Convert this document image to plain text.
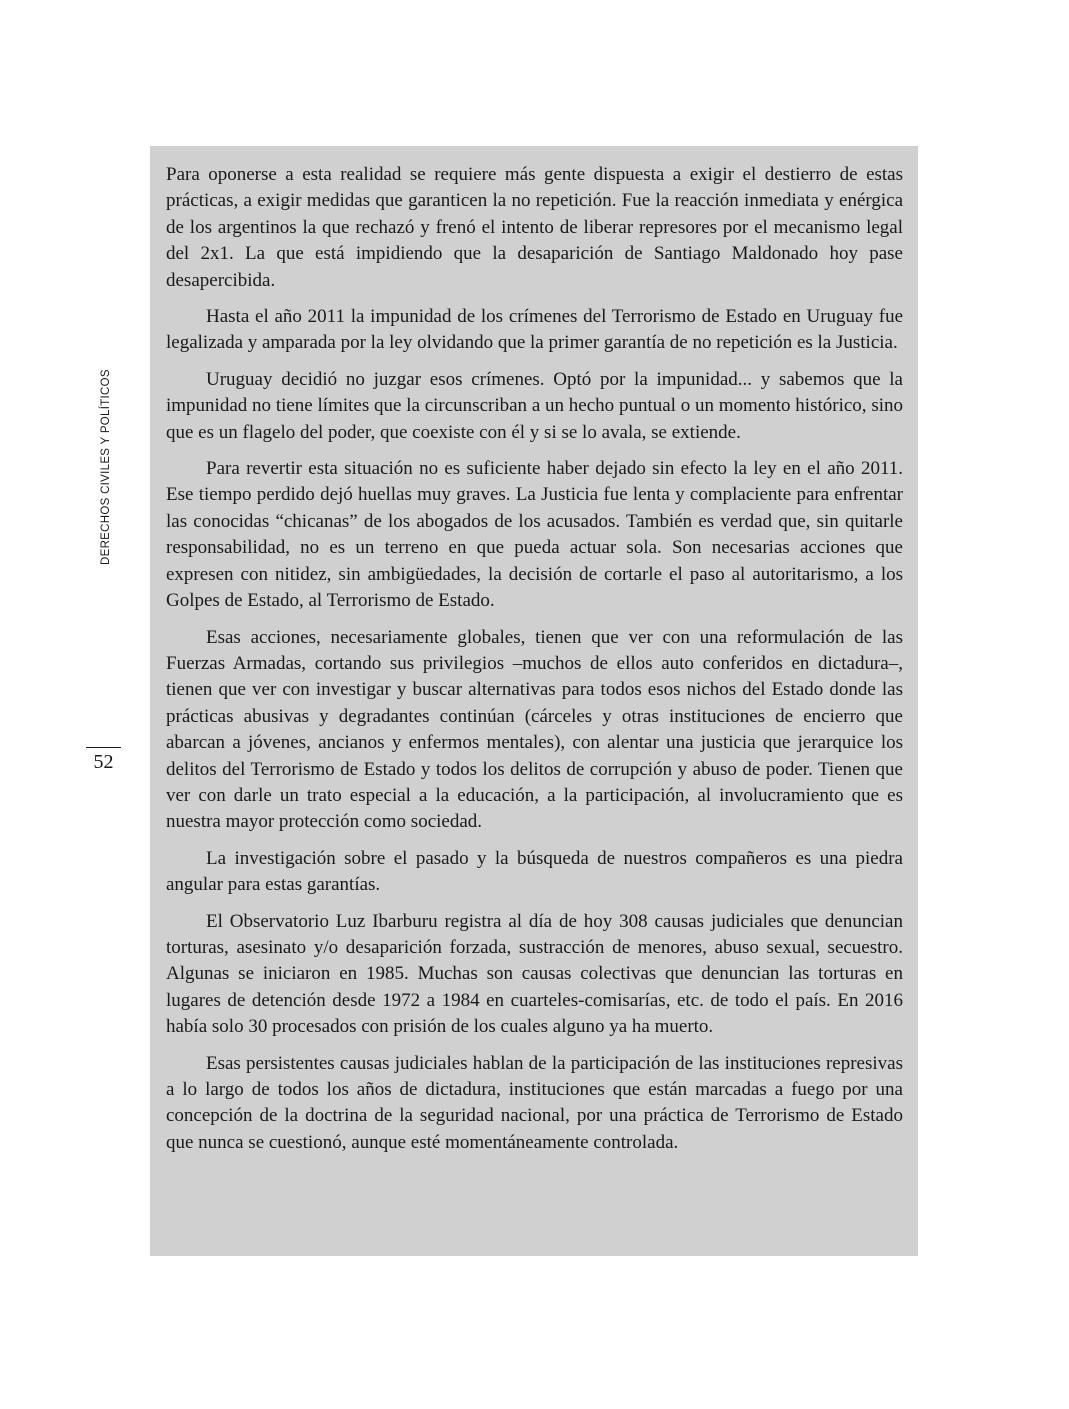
DERECHOS CIVILES Y POLÍTICOS
52

Para oponerse a esta realidad se requiere más gente dispuesta a exigir el destierro de estas prácticas, a exigir medidas que garanticen la no repetición. Fue la reacción inmediata y enérgica de los argentinos la que rechazó y frenó el intento de liberar represores por el mecanismo legal del 2x1. La que está impidiendo que la desaparición de Santiago Maldonado hoy pase desapercibida.

Hasta el año 2011 la impunidad de los crímenes del Terrorismo de Estado en Uruguay fue legalizada y amparada por la ley olvidando que la primer garantía de no repetición es la Justicia.

Uruguay decidió no juzgar esos crímenes. Optó por la impunidad... y sabemos que la impunidad no tiene límites que la circunscriban a un hecho puntual o un momento histórico, sino que es un flagelo del poder, que coexiste con él y si se lo avala, se extiende.

Para revertir esta situación no es suficiente haber dejado sin efecto la ley en el año 2011. Ese tiempo perdido dejó huellas muy graves. La Justicia fue lenta y complaciente para enfrentar las conocidas “chicanas” de los abogados de los acusados. También es verdad que, sin quitarle responsabilidad, no es un terreno en que pueda actuar sola. Son necesarias acciones que expresen con nitidez, sin ambigüedades, la decisión de cortarle el paso al autoritarismo, a los Golpes de Estado, al Terrorismo de Estado.

Esas acciones, necesariamente globales, tienen que ver con una reformulación de las Fuerzas Armadas, cortando sus privilegios –muchos de ellos auto conferidos en dictadura–, tienen que ver con investigar y buscar alternativas para todos esos nichos del Estado donde las prácticas abusivas y degradantes continúan (cárceles y otras instituciones de encierro que abarcan a jóvenes, ancianos y enfermos mentales), con alentar una justicia que jerarquice los delitos del Terrorismo de Estado y todos los delitos de corrupción y abuso de poder. Tienen que ver con darle un trato especial a la educación, a la participación, al involucramiento que es nuestra mayor protección como sociedad.

La investigación sobre el pasado y la búsqueda de nuestros compañeros es una piedra angular para estas garantías.

El Observatorio Luz Ibarburu registra al día de hoy 308 causas judiciales que denuncian torturas, asesinato y/o desaparición forzada, sustracción de menores, abuso sexual, secuestro. Algunas se iniciaron en 1985. Muchas son causas colectivas que denuncian las torturas en lugares de detención desde 1972 a 1984 en cuarteles-comisarías, etc. de todo el país. En 2016 había solo 30 procesados con prisión de los cuales alguno ya ha muerto.

Esas persistentes causas judiciales hablan de la participación de las instituciones represivas a lo largo de todos los años de dictadura, instituciones que están marcadas a fuego por una concepción de la doctrina de la seguridad nacional, por una práctica de Terrorismo de Estado que nunca se cuestionó, aunque esté momentáneamente controlada.
